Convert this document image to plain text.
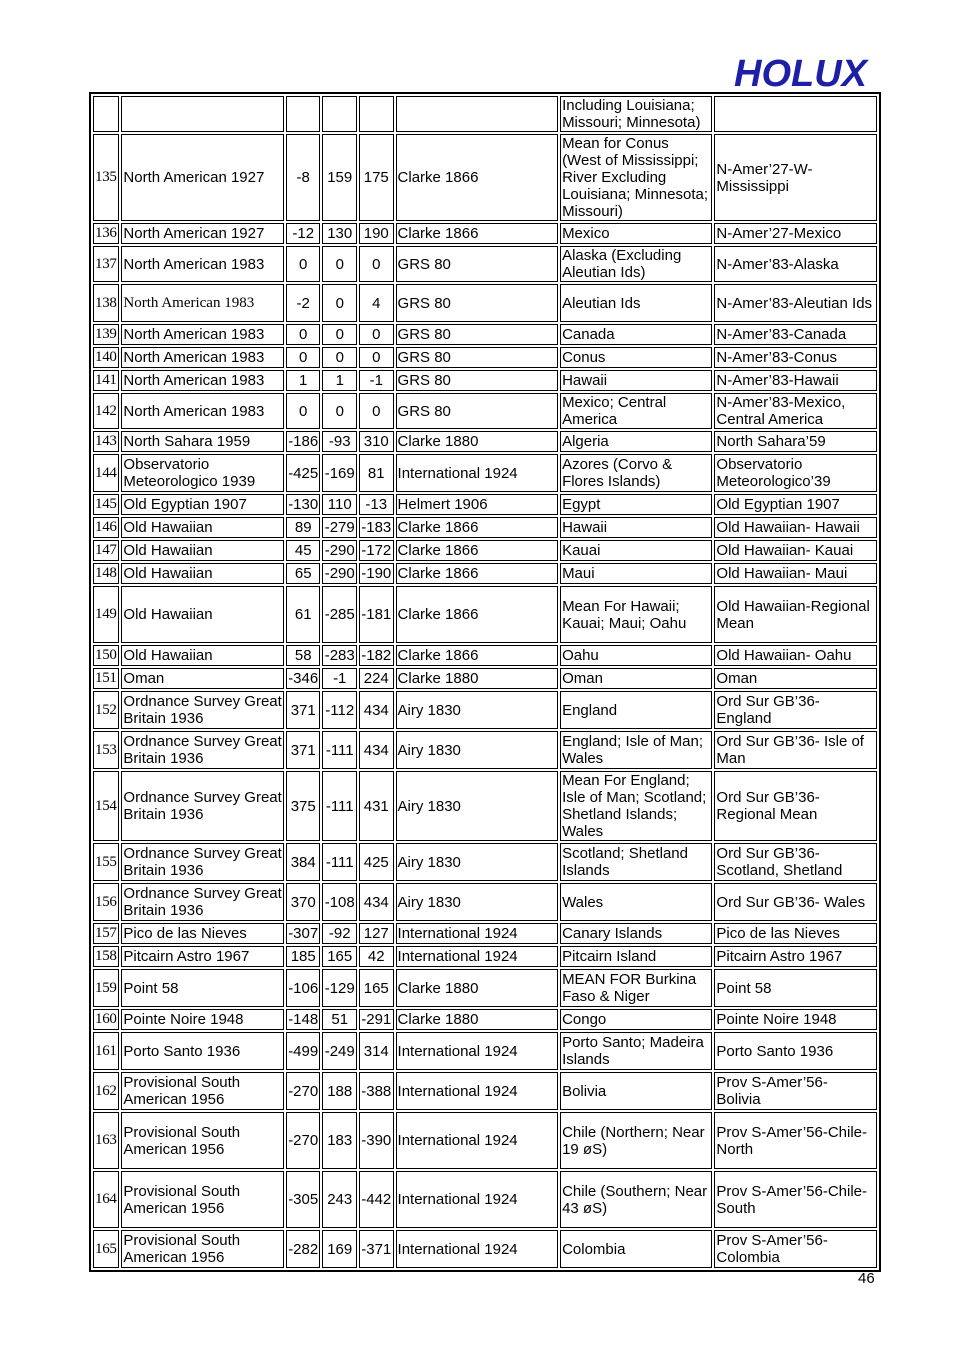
HOLUX
						Including Louisiana; Missouri; Minnesota)	
135	North American 1927	-8	159	175	Clarke 1866	Mean for Conus (West of Mississippi; River Excluding Louisiana; Minnesota; Missouri)	N-Amer’27-W-Mississippi
136	North American 1927	-12	130	190	Clarke 1866	Mexico	N-Amer’27-Mexico
137	North American 1983	0	0	0	GRS 80	Alaska (Excluding Aleutian Ids)	N-Amer’83-Alaska
138	North American 1983	-2	0	4	GRS 80	Aleutian Ids	N-Amer’83-Aleutian Ids
139	North American 1983	0	0	0	GRS 80	Canada	N-Amer’83-Canada
140	North American 1983	0	0	0	GRS 80	Conus	N-Amer’83-Conus
141	North American 1983	1	1	-1	GRS 80	Hawaii	N-Amer’83-Hawaii
142	North American 1983	0	0	0	GRS 80	Mexico; Central America	N-Amer’83-Mexico, Central America
143	North Sahara 1959	-186	-93	310	Clarke 1880	Algeria	North Sahara’59
144	Observatorio Meteorologico 1939	-425	-169	81	International 1924	Azores (Corvo & Flores Islands)	Observatorio Meteorologico’39
145	Old Egyptian 1907	-130	110	-13	Helmert 1906	Egypt	Old Egyptian 1907
146	Old Hawaiian	89	-279	-183	Clarke 1866	Hawaii	Old Hawaiian- Hawaii
147	Old Hawaiian	45	-290	-172	Clarke 1866	Kauai	Old Hawaiian- Kauai
148	Old Hawaiian	65	-290	-190	Clarke 1866	Maui	Old Hawaiian- Maui
149	Old Hawaiian	61	-285	-181	Clarke 1866	Mean For Hawaii; Kauai; Maui; Oahu	Old Hawaiian-Regional Mean
150	Old Hawaiian	58	-283	-182	Clarke 1866	Oahu	Old Hawaiian- Oahu
151	Oman	-346	-1	224	Clarke 1880	Oman	Oman
152	Ordnance Survey Great Britain 1936	371	-112	434	Airy 1830	England	Ord Sur GB’36- England
153	Ordnance Survey Great Britain 1936	371	-111	434	Airy 1830	England; Isle of Man; Wales	Ord Sur GB’36- Isle of Man
154	Ordnance Survey Great Britain 1936	375	-111	431	Airy 1830	Mean For England; Isle of Man; Scotland; Shetland Islands; Wales	Ord Sur GB’36-Regional Mean
155	Ordnance Survey Great Britain 1936	384	-111	425	Airy 1830	Scotland; Shetland Islands	Ord Sur GB’36- Scotland, Shetland
156	Ordnance Survey Great Britain 1936	370	-108	434	Airy 1830	Wales	Ord Sur GB’36- Wales
157	Pico de las Nieves	-307	-92	127	International 1924	Canary Islands	Pico de las Nieves
158	Pitcairn Astro 1967	185	165	42	International 1924	Pitcairn Island	Pitcairn Astro 1967
159	Point 58	-106	-129	165	Clarke 1880	MEAN FOR Burkina Faso & Niger	Point 58
160	Pointe Noire 1948	-148	51	-291	Clarke 1880	Congo	Pointe Noire 1948
161	Porto Santo 1936	-499	-249	314	International 1924	Porto Santo; Madeira Islands	Porto Santo 1936
162	Provisional South American 1956	-270	188	-388	International 1924	Bolivia	Prov S-Amer’56- Bolivia
163	Provisional South American 1956	-270	183	-390	International 1924	Chile (Northern; Near 19 øS)	Prov S-Amer’56-Chile-North
164	Provisional South American 1956	-305	243	-442	International 1924	Chile (Southern; Near 43 øS)	Prov S-Amer’56-Chile-South
165	Provisional South American 1956	-282	169	-371	International 1924	Colombia	Prov S-Amer’56- Colombia
46
